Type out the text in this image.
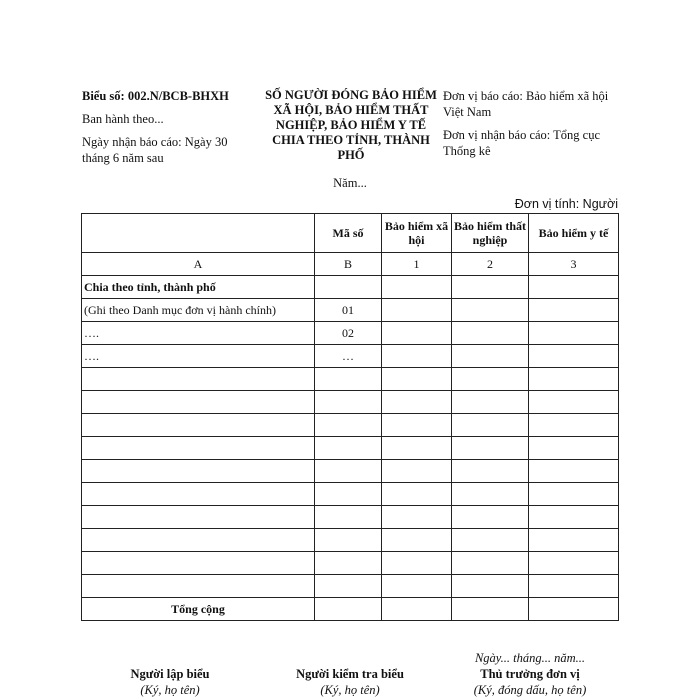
Biểu số: 002.N/BCB-BHXH
Ban hành theo...
Ngày nhận báo cáo: Ngày 30 tháng 6 năm sau
SỐ NGƯỜI ĐÓNG BẢO HIỂM XÃ HỘI, BẢO HIỂM THẤT NGHIỆP, BẢO HIỂM Y TẾ CHIA THEO TỈNH, THÀNH PHỐ
Đơn vị báo cáo: Bảo hiểm xã hội Việt Nam
Đơn vị nhận báo cáo: Tổng cục Thống kê
Năm...
Đơn vị tính: Người
	Mã số	Bảo hiểm xã hội	Bảo hiểm thất nghiệp	Bảo hiểm y tế
A	B	1	2	3
Chia theo tỉnh, thành phố				
(Ghi theo Danh mục đơn vị hành chính)	01			
….	02			
….	…			

Tổng cộng				
Người lập biểu
(Ký, họ tên)
Người kiểm tra biểu
(Ký, họ tên)
Ngày... tháng... năm...
Thủ trưởng đơn vị
(Ký, đóng dấu, họ tên)
